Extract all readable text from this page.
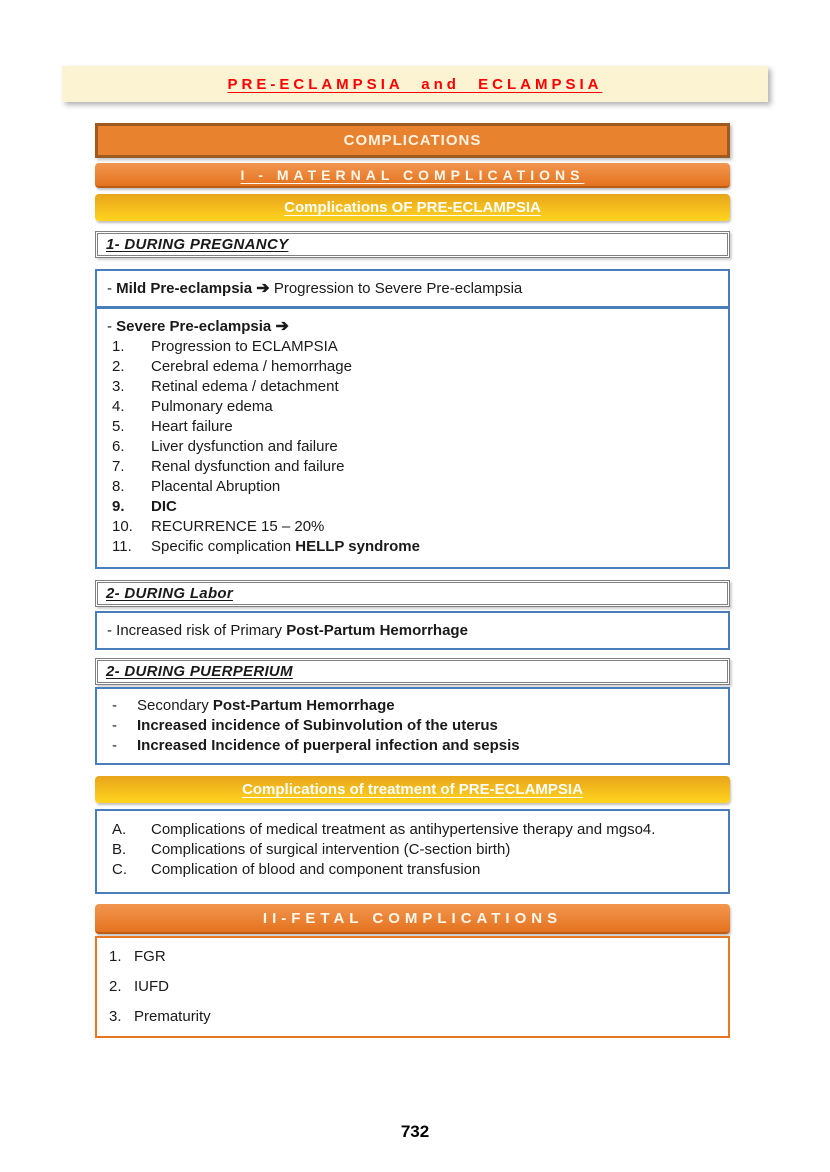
PRE-ECLAMPSIA and ECLAMPSIA
COMPLICATIONS
I - MATERNAL COMPLICATIONS
Complications OF PRE-ECLAMPSIA
1- DURING PREGNANCY
- Mild Pre-eclampsia ➔ Progression to Severe Pre-eclampsia
- Severe Pre-eclampsia ➔
1.	Progression to ECLAMPSIA
2.	Cerebral edema / hemorrhage
3.	Retinal edema / detachment
4.	Pulmonary edema
5.	Heart failure
6.	Liver dysfunction and failure
7.	Renal dysfunction and failure
8.	Placental Abruption
9.	DIC
10.	RECURRENCE 15 – 20%
11.	Specific complication HELLP syndrome
2- DURING Labor
- Increased risk of Primary Post-Partum Hemorrhage
2- DURING PUERPERIUM
-	Secondary Post-Partum Hemorrhage
-	Increased incidence of Subinvolution of the uterus
-	Increased Incidence of puerperal infection and sepsis
Complications of treatment of PRE-ECLAMPSIA
A.	Complications of medical treatment as antihypertensive therapy and mgso4.
B.	Complications of surgical intervention (C-section birth)
C.	Complication of blood and component transfusion
II-FETAL COMPLICATIONS
1. FGR
2. IUFD
3. Prematurity
732
